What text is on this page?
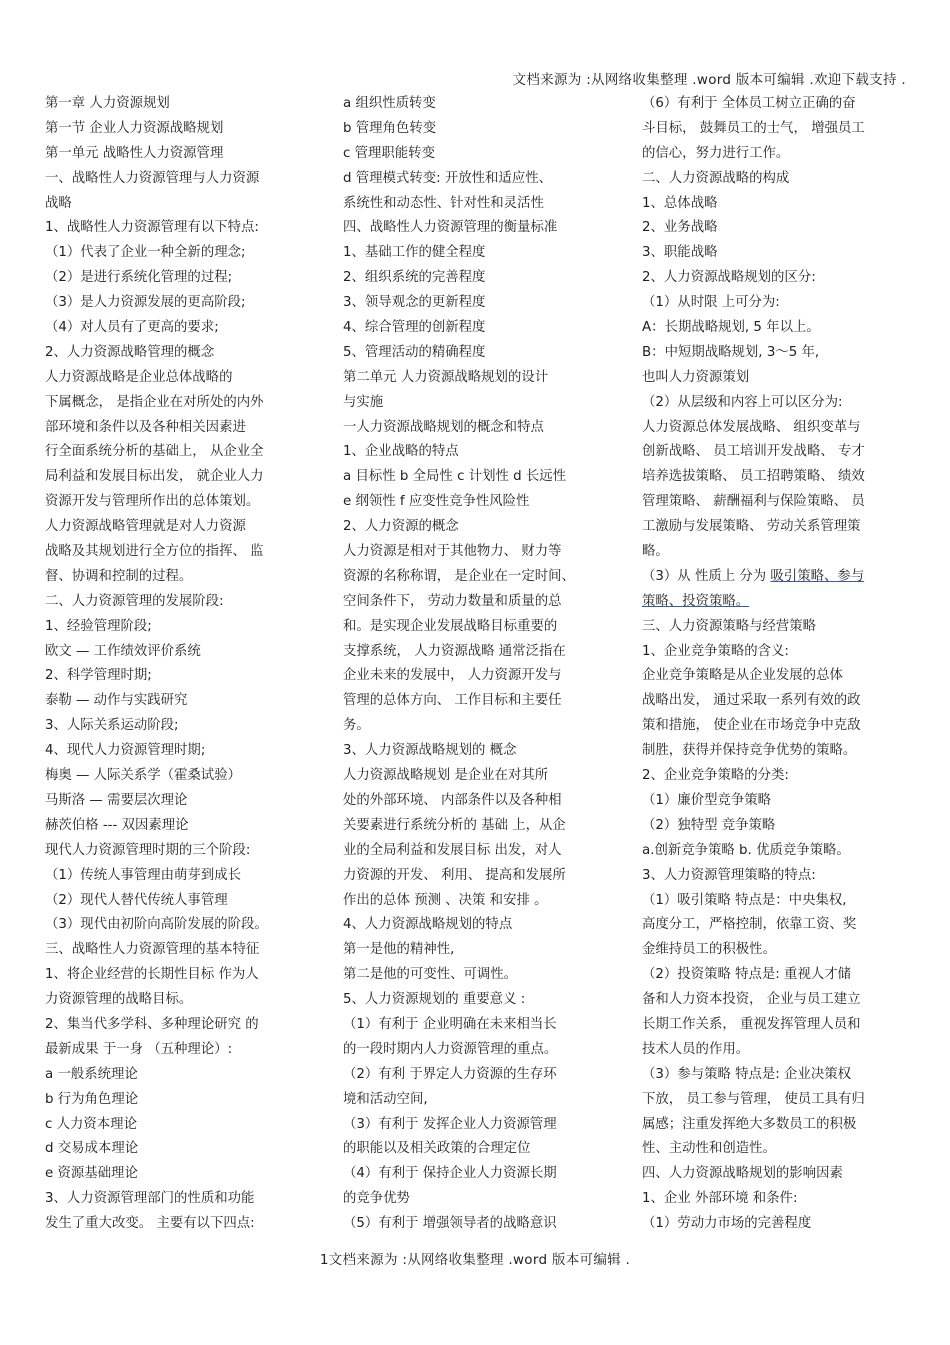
文档来源为 :从网络收集整理 .word 版本可编辑 .欢迎下载支持 .
第一章 人力资源规划
第一节 企业人力资源战略规划
第一单元 战略性人力资源管理
一、战略性人力资源管理与人力资源
战略
1、战略性人力资源管理有以下特点:
（1）代表了企业一种全新的理念;
（2）是进行系统化管理的过程;
（3）是人力资源发展的更高阶段;
（4）对人员有了更高的要求;
2、人力资源战略管理的概念
人力资源战略是企业总体战略的
下属概念， 是指企业在对所处的内外
部环境和条件以及各种相关因素进
行全面系统分析的基础上， 从企业全
局利益和发展目标出发， 就企业人力
资源开发与管理所作出的总体策划。
人力资源战略管理就是对人力资源
战略及其规划进行全方位的指挥、 监
督、协调和控制的过程。
二、人力资源管理的发展阶段:
1、经验管理阶段;
欧文 — 工作绩效评价系统
2、科学管理时期;
泰勒 — 动作与实践研究
3、人际关系运动阶段;
4、现代人力资源管理时期;
梅奥 — 人际关系学（霍桑试验）
马斯洛 — 需要层次理论
赫茨伯格 --- 双因素理论
现代人力资源管理时期的三个阶段:
（1）传统人事管理由萌芽到成长
（2）现代人替代传统人事管理
（3）现代由初阶向高阶发展的阶段。
三、战略性人力资源管理的基本特征
1、将企业经营的长期性目标 作为人
力资源管理的战略目标。
2、集当代多学科、多种理论研究 的
最新成果 于一身 （五种理论）:
a 一般系统理论
b 行为角色理论
c 人力资本理论
d 交易成本理论
e 资源基础理论
3、人力资源管理部门的性质和功能
发生了重大改变。 主要有以下四点:
a 组织性质转变
b 管理角色转变
c 管理职能转变
d 管理模式转变: 开放性和适应性、
系统性和动态性、针对性和灵活性
四、战略性人力资源管理的衡量标准
1、基础工作的健全程度
2、组织系统的完善程度
3、领导观念的更新程度
4、综合管理的创新程度
5、管理活动的精确程度
第二单元 人力资源战略规划的设计
与实施
一人力资源战略规划的概念和特点
1、企业战略的特点
a 目标性 b 全局性 c 计划性 d 长远性
e 纲领性 f 应变性竞争性风险性
2、人力资源的概念
人力资源是相对于其他物力、 财力等
资源的名称称谓， 是企业在一定时间、
空间条件下， 劳动力数量和质量的总
和。是实现企业发展战略目标重要的
支撑系统， 人力资源战略 通常泛指在
企业未来的发展中， 人力资源开发与
管理的总体方向、 工作目标和主要任
务。
3、人力资源战略规划的 概念
人力资源战略规划 是企业在对其所
处的外部环境、 内部条件以及各种相
关要素进行系统分析的 基础 上，从企
业的全局利益和发展目标 出发，对人
力资源的开发、 利用、 提高和发展所
作出的总体 预测 、决策 和安排 。
4、人力资源战略规划的特点
第一是他的精神性,
第二是他的可变性、可调性。
5、人力资源规划的 重要意义 :
（1）有利于 企业明确在未来相当长
的一段时期内人力资源管理的重点。
（2）有利 于界定人力资源的生存环
境和活动空间,
（3）有利于 发挥企业人力资源管理
的职能以及相关政策的合理定位
（4）有利于 保持企业人力资源长期
的竞争优势
（5）有利于 增强领导者的战略意识
（6）有利于 全体员工树立正确的奋
斗目标， 鼓舞员工的士气， 增强员工
的信心，努力进行工作。
二、人力资源战略的构成
1、总体战略
2、业务战略
3、职能战略
2、人力资源战略规划的区分:
（1）从时限 上可分为:
A：长期战略规划, 5 年以上。
B：中短期战略规划, 3～5 年,
也叫人力资源策划
（2）从层级和内容上可以区分为:
人力资源总体发展战略、 组织变革与
创新战略、 员工培训开发战略、 专才
培养选拔策略、 员工招聘策略、 绩效
管理策略、 薪酬福利与保险策略、 员
工激励与发展策略、 劳动关系管理策
略。
（3）从 性质上 分为 吸引策略、参与
策略、投资策略。
三、人力资源策略与经营策略
1、企业竞争策略的含义:
企业竞争策略是从企业发展的总体
战略出发， 通过采取一系列有效的政
策和措施， 使企业在市场竞争中克敌
制胜，获得并保持竞争优势的策略。
2、企业竞争策略的分类:
（1）廉价型竞争策略
（2）独特型 竞争策略
a.创新竞争策略 b. 优质竞争策略。
3、人力资源管理策略的特点:
（1）吸引策略 特点是：中央集权,
高度分工，严格控制，依靠工资、奖
金维持员工的积极性。
（2）投资策略 特点是: 重视人才储
备和人力资本投资， 企业与员工建立
长期工作关系， 重视发挥管理人员和
技术人员的作用。
（3）参与策略 特点是: 企业决策权
下放， 员工参与管理， 使员工具有归
属感；注重发挥绝大多数员工的积极
性、主动性和创造性。
四、人力资源战略规划的影响因素
1、企业 外部环境 和条件:
（1）劳动力市场的完善程度
1文档来源为 :从网络收集整理 .word 版本可编辑 .
